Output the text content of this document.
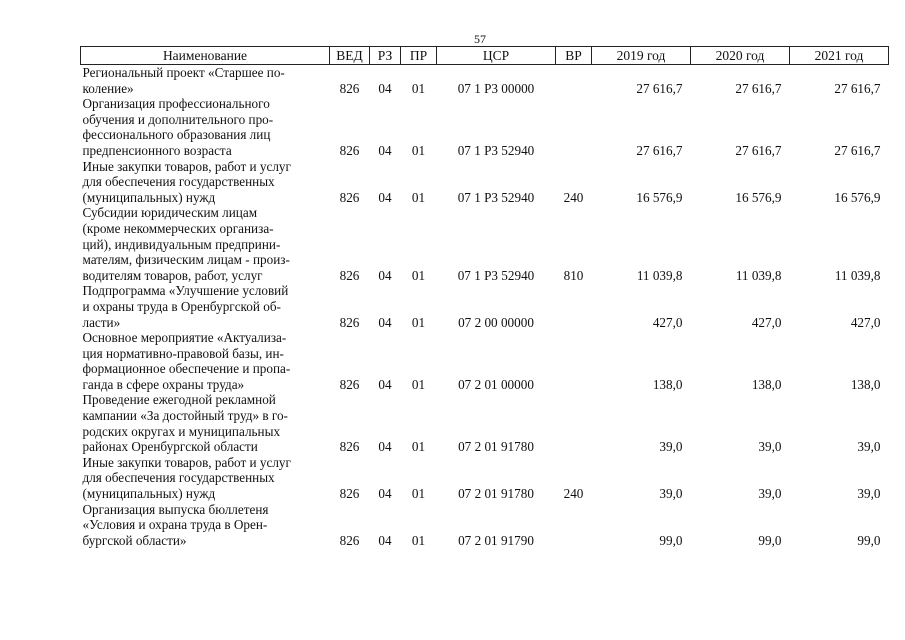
57
Наименование	ВЕД	РЗ	ПР	ЦСР	ВР	2019 год	2020 год	2021 год

Региональный проект «Старшее по-
коление»	826	04	01	07 1 P3 00000		27 616,7	27 616,7	27 616,7

Организация профессионального
обучения и дополнительного про-
фессионального образования лиц
предпенсионного возраста	826	04	01	07 1 P3 52940		27 616,7	27 616,7	27 616,7

Иные закупки товаров, работ и услуг
для обеспечения государственных
(муниципальных) нужд	826	04	01	07 1 P3 52940	240	16 576,9	16 576,9	16 576,9

Субсидии юридическим лицам
(кроме некоммерческих организа-
ций), индивидуальным предприни-
мателям, физическим лицам - произ-
водителям товаров, работ, услуг	826	04	01	07 1 P3 52940	810	11 039,8	11 039,8	11 039,8

Подпрограмма «Улучшение условий
и охраны труда в Оренбургской об-
ласти»	826	04	01	07 2 00 00000		427,0	427,0	427,0

Основное мероприятие «Актуализа-
ция нормативно-правовой базы, ин-
формационное обеспечение и пропа-
ганда в сфере охраны труда»	826	04	01	07 2 01 00000		138,0	138,0	138,0

Проведение ежегодной рекламной
кампании «За достойный труд» в го-
родских округах и муниципальных
районах Оренбургской области	826	04	01	07 2 01 91780		39,0	39,0	39,0

Иные закупки товаров, работ и услуг
для обеспечения государственных
(муниципальных) нужд	826	04	01	07 2 01 91780	240	39,0	39,0	39,0

Организация выпуска бюллетеня
«Условия и охрана труда в Орен-
бургской области»	826	04	01	07 2 01 91790		99,0	99,0	99,0
